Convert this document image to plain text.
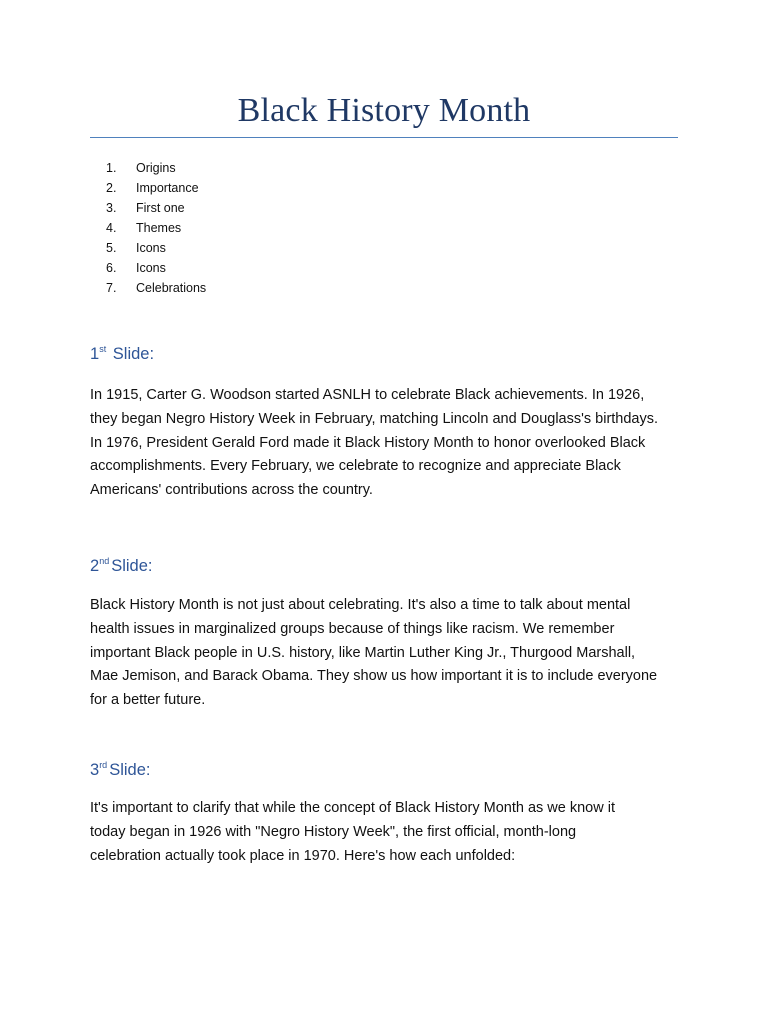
Black History Month
1. Origins
2. Importance
3. First one
4. Themes
5. Icons
6. Icons
7. Celebrations
1st Slide:
In 1915, Carter G. Woodson started ASNLH to celebrate Black achievements. In 1926,
they began Negro History Week in February, matching Lincoln and Douglass's birthdays.
In 1976, President Gerald Ford made it Black History Month to honor overlooked Black
accomplishments. Every February, we celebrate to recognize and appreciate Black
Americans' contributions across the country.
2nd Slide:
Black History Month is not just about celebrating. It's also a time to talk about mental
health issues in marginalized groups because of things like racism. We remember
important Black people in U.S. history, like Martin Luther King Jr., Thurgood Marshall,
Mae Jemison, and Barack Obama. They show us how important it is to include everyone
for a better future.
3rd Slide:
It's important to clarify that while the concept of Black History Month as we know it
today began in 1926 with "Negro History Week", the first official, month-long
celebration actually took place in 1970. Here's how each unfolded:
